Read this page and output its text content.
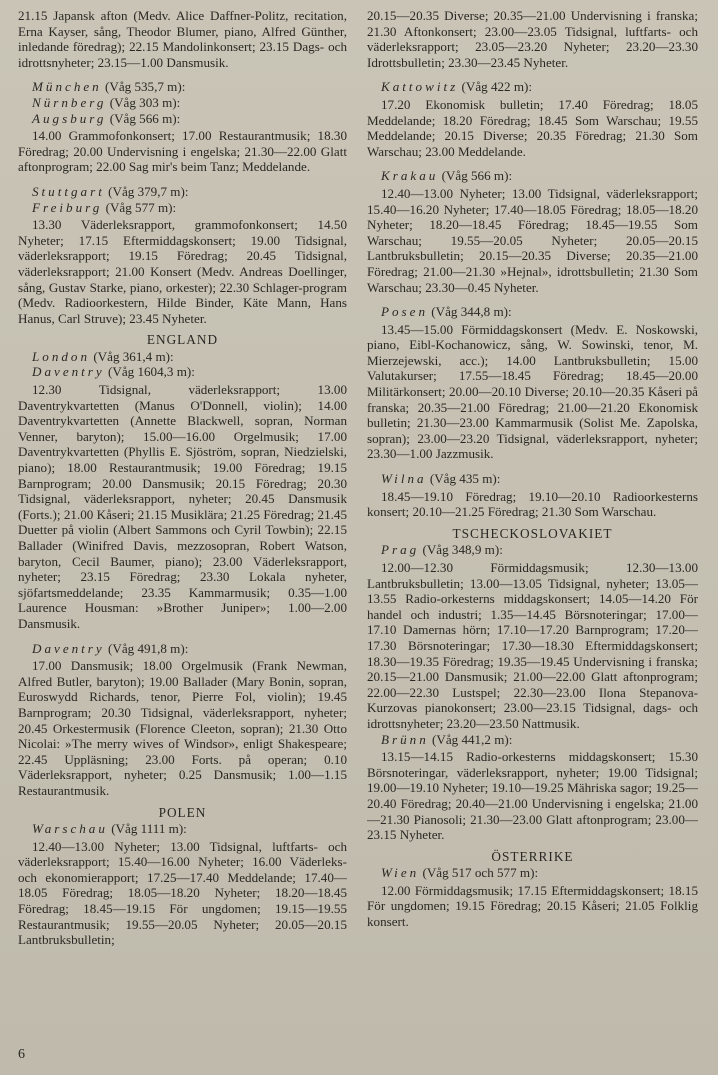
21.15 Japansk afton (Medv. Alice Daffner-Politz, recitation, Erna Kayser, sång, Theodor Blumer, piano, Alfred Günther, inledande föredrag); 22.15 Mandolinkonsert; 23.15 Dags- och idrottsnyheter; 23.15—1.00 Dansmusik.

München (Våg 535,7 m):

Nürnberg (Våg 303 m):

Augsburg (Våg 566 m):

14.00 Grammofonkonsert; 17.00 Restaurantmusik; 18.30 Föredrag; 20.00 Undervisning i engelska; 21.30—22.00 Glatt aftonprogram; 22.00 Sag mir's beim Tanz; Meddelande.

Stuttgart (Våg 379,7 m):

Freiburg (Våg 577 m):

13.30 Väderleksrapport, grammofonkonsert; 14.50 Nyheter; 17.15 Eftermiddagskonsert; 19.00 Tidsignal, väderleksrapport; 19.15 Föredrag; 20.45 Tidsignal, väderleksrapport; 21.00 Konsert (Medv. Andreas Doellinger, sång, Gustav Starke, piano, orkester); 22.30 Schlager-program (Medv. Radioorkestern, Hilde Binder, Käte Mann, Hans Hanus, Carl Struve); 23.45 Nyheter.

ENGLAND

London (Våg 361,4 m):

Daventry (Våg 1604,3 m):

12.30 Tidsignal, väderleksrapport; 13.00 Daventrykvartetten (Manus O'Donnell, violin); 14.00 Daventrykvartetten (Annette Blackwell, sopran, Norman Venner, baryton); 15.00—16.00 Orgelmusik; 17.00 Daventrykvartetten (Phyllis E. Sjöström, sopran, Niedzielski, piano); 18.00 Restaurantmusik; 19.00 Föredrag; 19.15 Barnprogram; 20.00 Dansmusik; 20.15 Föredrag; 20.30 Tidsignal, väderleksrapport, nyheter; 20.45 Dansmusik (Forts.); 21.00 Kåseri; 21.15 Musiklära; 21.25 Föredrag; 21.45 Duetter på violin (Albert Sammons och Cyril Towbin); 22.15 Ballader (Winifred Davis, mezzosopran, Robert Watson, baryton, Cecil Baumer, piano); 23.00 Väderleksrapport, nyheter; 23.15 Föredrag; 23.30 Lokala nyheter, sjöfartsmeddelande; 23.35 Kammarmusik; 0.35—1.00 Laurence Housman: »Brother Juniper»; 1.00—2.00 Dansmusik.

Daventry (Våg 491,8 m):

17.00 Dansmusik; 18.00 Orgelmusik (Frank Newman, Alfred Butler, baryton); 19.00 Ballader (Mary Bonin, sopran, Euroswydd Richards, tenor, Pierre Fol, violin); 19.45 Barnprogram; 20.30 Tidsignal, väderleksrapport, nyheter; 20.45 Orkestermusik (Florence Cleeton, sopran); 21.30 Otto Nicolai: »The merry wives of Windsor», enligt Shakespeare; 22.45 Uppläsning; 23.00 Forts. på operan; 0.10 Väderleksrapport, nyheter; 0.25 Dansmusik; 1.00—1.15 Restaurantmusik.

POLEN

Warschau (Våg 1111 m):

12.40—13.00 Nyheter; 13.00 Tidsignal, luftfarts- och väderleksrapport; 15.40—16.00 Nyheter; 16.00 Väderleks- och ekonomierapport; 17.25—17.40 Meddelande; 17.40—18.05 Föredrag; 18.05—18.20 Nyheter; 18.20—18.45 Föredrag; 18.45—19.15 För ungdomen; 19.15—19.55 Restaurantmusik; 19.55—20.05 Nyheter; 20.05—20.15 Lantbruksbulletin;

20.15—20.35 Diverse; 20.35—21.00 Undervisning i franska; 21.30 Aftonkonsert; 23.00—23.05 Tidsignal, luftfarts- och väderleksrapport; 23.05—23.20 Nyheter; 23.20—23.30 Idrottsbulletin; 23.30—23.45 Nyheter.

Kattowitz (Våg 422 m):

17.20 Ekonomisk bulletin; 17.40 Föredrag; 18.05 Meddelande; 18.20 Föredrag; 18.45 Som Warschau; 19.55 Meddelande; 20.15 Diverse; 20.35 Föredrag; 21.30 Som Warschau; 23.00 Meddelande.

Krakau (Våg 566 m):

12.40—13.00 Nyheter; 13.00 Tidsignal, väderleksrapport; 15.40—16.20 Nyheter; 17.40—18.05 Föredrag; 18.05—18.20 Nyheter; 18.20—18.45 Föredrag; 18.45—19.55 Som Warschau; 19.55—20.05 Nyheter; 20.05—20.15 Lantbruksbulletin; 20.15—20.35 Diverse; 20.35—21.00 Föredrag; 21.00—21.30 »Hejnal», idrottsbulletin; 21.30 Som Warschau; 23.30—0.45 Nyheter.

Posen (Våg 344,8 m):

13.45—15.00 Förmiddagskonsert (Medv. E. Noskowski, piano, Eibl-Kochanowicz, sång, W. Sowinski, tenor, M. Mierzejewski, acc.); 14.00 Lantbruksbulletin; 15.00 Valutakurser; 17.55—18.45 Föredrag; 18.45—20.00 Militärkonsert; 20.00—20.10 Diverse; 20.10—20.35 Kåseri på franska; 20.35—21.00 Föredrag; 21.00—21.20 Ekonomisk bulletin; 21.30—23.00 Kammarmusik (Solist Me. Zapolska, sopran); 23.00—23.20 Tidsignal, väderleksrapport, nyheter; 23.30—1.00 Jazzmusik.

Wilna (Våg 435 m):

18.45—19.10 Föredrag; 19.10—20.10 Radioorkesterns konsert; 20.10—21.25 Föredrag; 21.30 Som Warschau.

TSCHECKOSLOVAKIET

Prag (Våg 348,9 m):

12.00—12.30 Förmiddagsmusik; 12.30—13.00 Lantbruksbulletin; 13.00—13.05 Tidsignal, nyheter; 13.05—13.55 Radio-orkesterns middagskonsert; 14.05—14.20 För handel och industri; 1.35—14.45 Börsnoteringar; 17.00—17.10 Damernas hörn; 17.10—17.20 Barnprogram; 17.20—17.30 Börsnoteringar; 17.30—18.30 Eftermiddagskonsert; 18.30—19.35 Föredrag; 19.35—19.45 Undervisning i franska; 20.15—21.00 Dansmusik; 21.00—22.00 Glatt aftonprogram; 22.00—22.30 Lustspel; 22.30—23.00 Ilona Stepanova-Kurzovas pianokonsert; 23.00—23.15 Tidsignal, dags- och idrottsnyheter; 23.20—23.50 Nattmusik.

Brünn (Våg 441,2 m):

13.15—14.15 Radio-orkesterns middagskonsert; 15.30 Börsnoteringar, väderleksrapport, nyheter; 19.00 Tidsignal; 19.00—19.10 Nyheter; 19.10—19.25 Mähriska sagor; 19.25—20.40 Föredrag; 20.40—21.00 Undervisning i engelska; 21.00—21.30 Pianosoli; 21.30—23.00 Glatt aftonprogram; 23.00—23.15 Nyheter.

ÖSTERRIKE

Wien (Våg 517 och 577 m):

12.00 Förmiddagsmusik; 17.15 Eftermiddagskonsert; 18.15 För ungdomen; 19.15 Föredrag; 20.15 Kåseri; 21.05 Folklig konsert.

6
